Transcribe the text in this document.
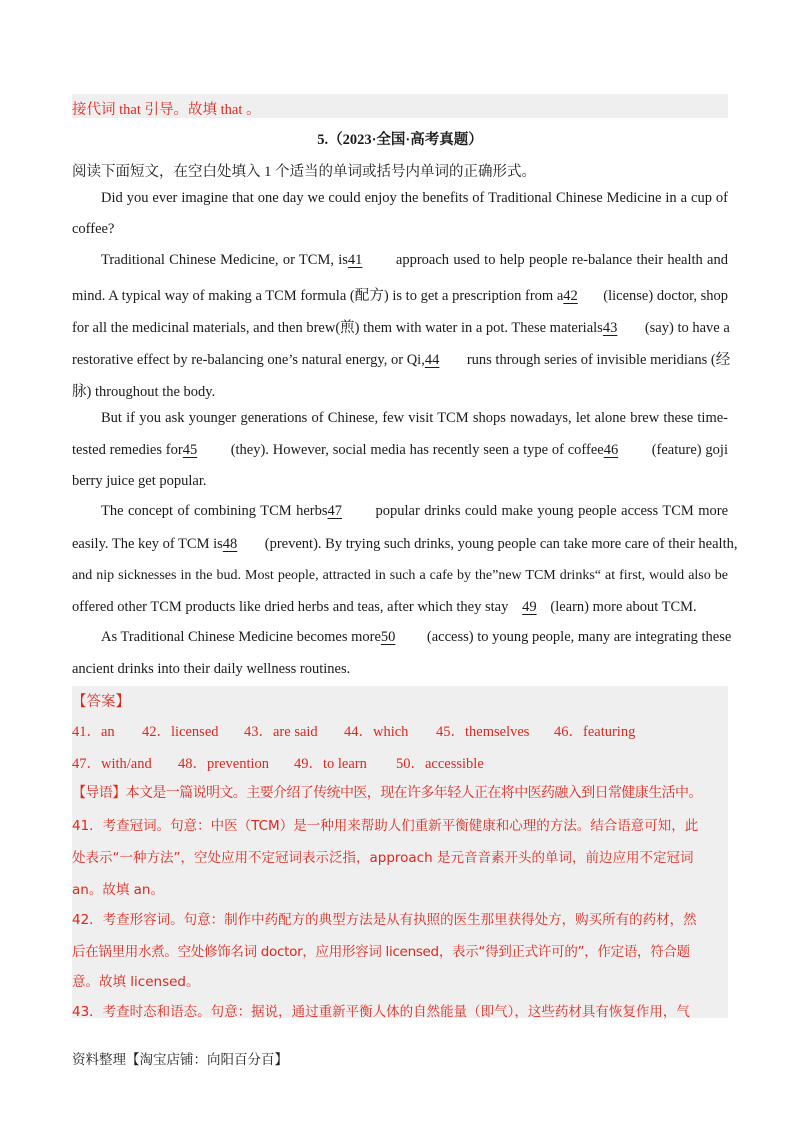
接代词 that 引导。故填 that 。
5.（2023·全国·高考真题）
阅读下面短文，在空白处填入 1 个适当的单词或括号内单词的正确形式。
Did you ever imagine that one day we could enjoy the benefits of Traditional Chinese Medicine in a cup of
coffee?
Traditional Chinese Medicine, or TCM, is41 approach used to help people re-balance their health and
mind. A typical way of making a TCM formula (配方) is to get a prescription from a42 (license) doctor, shop
for all the medicinal materials, and then brew(煎) them with water in a pot. These materials43 (say) to have a
restorative effect by re-balancing one’s natural energy, or Qi,44 runs through series of invisible meridians (经
脉) throughout the body.
But if you ask younger generations of Chinese, few visit TCM shops nowadays, let alone brew these time-
tested remedies for45 (they). However, social media has recently seen a type of coffee46 (feature) goji
berry juice get popular.
The concept of combining TCM herbs47 popular drinks could make young people access TCM more
easily. The key of TCM is48 (prevent). By trying such drinks, young people can take more care of their health,
and nip sicknesses in the bud. Most people, attracted in such a cafe by the”new TCM drinks“ at first, would also be
offered other TCM products like dried herbs and teas, after which they stay 49 (learn) more about TCM.
As Traditional Chinese Medicine becomes more50 (access) to young people, many are integrating these
ancient drinks into their daily wellness routines.
【答案】
41．an 42．licensed 43．are said 44．which 45．themselves 46．featuring
47．with/and 48．prevention 49．to learn 50．accessible
【导语】本文是一篇说明文。主要介绍了传统中医，现在许多年轻人正在将中医药融入到日常健康生活中。
41．考查冠词。句意：中医（TCM）是一种用来帮助人们重新平衡健康和心理的方法。结合语意可知，此
处表示“一种方法”，空处应用不定冠词表示泛指，approach 是元音音素开头的单词，前边应用不定冠词
an。故填 an。
42．考查形容词。句意：制作中药配方的典型方法是从有执照的医生那里获得处方，购买所有的药材，然
后在锅里用水煮。空处修饰名词 doctor，应用形容词 licensed，表示“得到正式许可的”，作定语，符合题
意。故填 licensed。
43．考查时态和语态。句意：据说，通过重新平衡人体的自然能量（即气），这些药材具有恢复作用，气
资料整理【淘宝店铺：向阳百分百】
